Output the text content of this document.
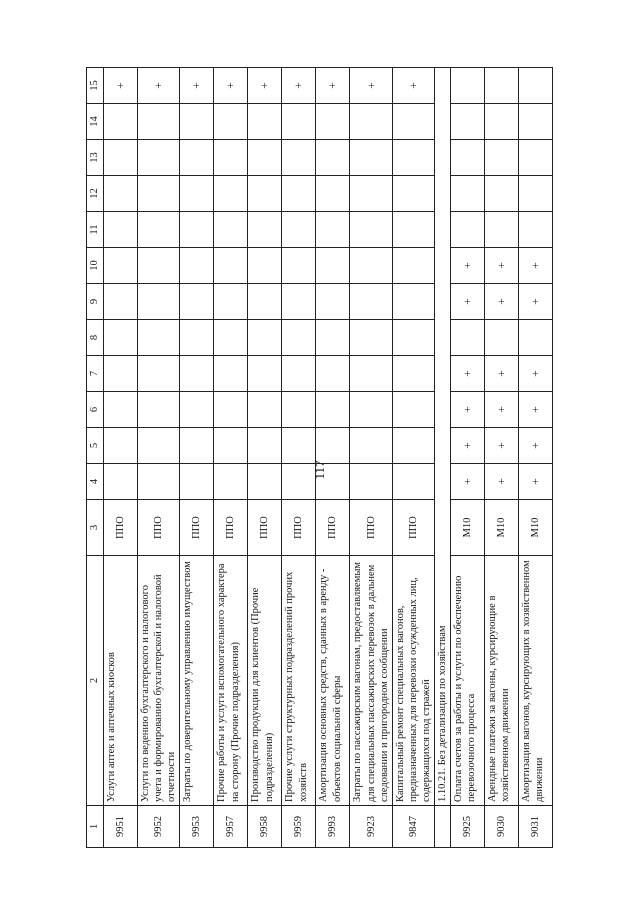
117
1	2	3	4	5	6	7	8	9	10	11	12	13	14	15
9951	Услуги аптек и аптечных киосков	ППО												+
9952	Услуги по ведению бухгалтерского и налогового учета и формированию бухгалтерской и налоговой отчетности	ППО												+
9953	Затраты по доверительному управлению имуществом	ППО												+
9957	Прочие работы и услуги вспомогательного характера на сторону (Прочие подразделения)	ППО												+
9958	Производство продукции для клиентов (Прочие подразделения)	ППО												+
9959	Прочие услуги структурных подразделений прочих хозяйств	ППО												+
9993	Амортизация основных средств, сданных в аренду - объектов социальной сферы	ППО												+
9923	Затраты по пассажирским вагонам, предоставляемым для специальных пассажирских перевозок в дальнем следовании и пригородном сообщении	ППО												+
9847	Капитальный ремонт специальных вагонов, предназначенных для перевозки осужденных лиц, содержащихся под стражей	ППО												+
	1.10.21. Без детализации по хозяйствам													
9925	Оплата счетов за работы и услуги по обеспечению перевозочного процесса	М10	+	+	+	+		+	+					
9030	Арендные платежи за вагоны, курсирующие в хозяйственном движении	М10	+	+	+	+		+	+					
9031	Амортизация вагонов, курсирующих в хозяйственном движении	М10	+	+	+	+		+	+					
